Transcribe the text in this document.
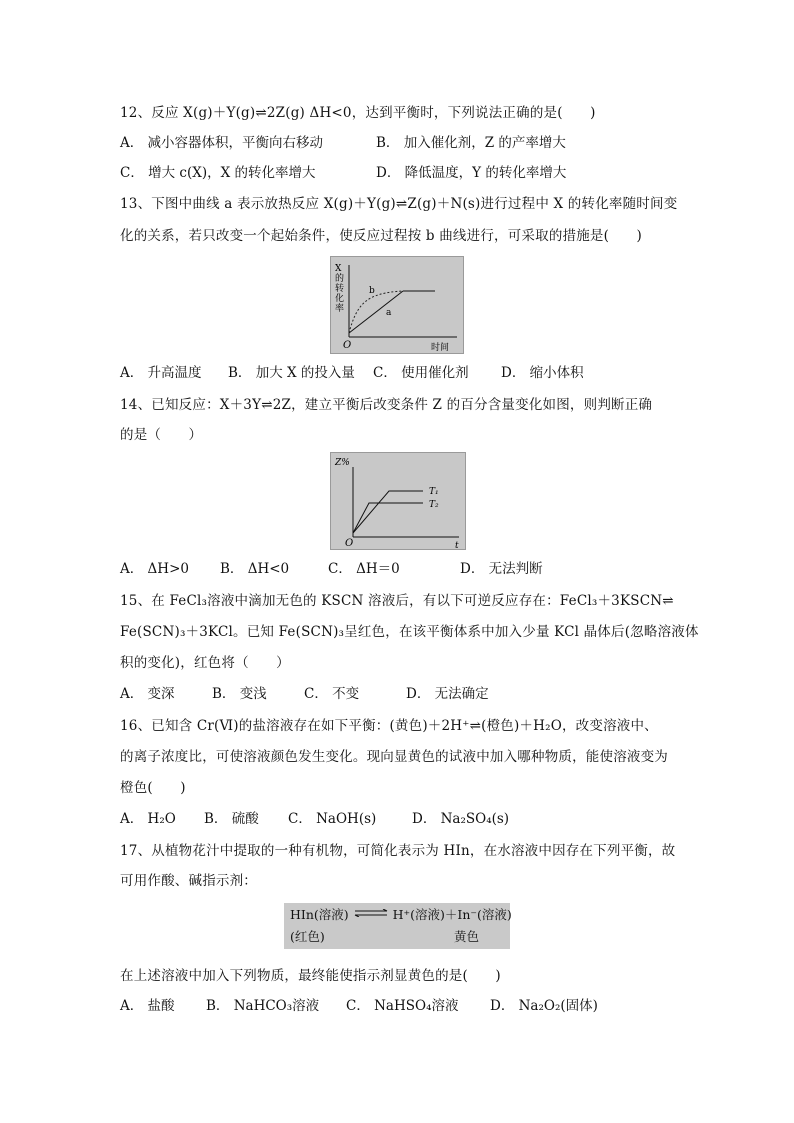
12、反应 X(g)＋Y(g)⇌2Z(g) ΔH<0，达到平衡时，下列说法正确的是(　　)
A． 减小容器体积，平衡向右移动	B． 加入催化剂，Z 的产率增大
C． 增大 c(X)，X 的转化率增大	D． 降低温度，Y 的转化率增大
13、下图中曲线 a 表示放热反应 X(g)＋Y(g)⇌Z(g)＋N(s)进行过程中 X 的转化率随时间变
化的关系，若只改变一个起始条件，使反应过程按 b 曲线进行，可采取的措施是(　　)
X
的
转
化
率
b
a
O	时间
A． 升高温度 B． 加大 X 的投入量 C． 使用催化剂 D． 缩小体积
14、已知反应：X＋3Y⇌2Z，建立平衡后改变条件 Z 的百分含量变化如图，则判断正确
的是（　　）
Z%
T₁
T₂
O	t
A． ΔH>0 B． ΔH<0	C． ΔH＝0	D． 无法判断
15、在 FeCl₃溶液中滴加无色的 KSCN 溶液后，有以下可逆反应存在：FeCl₃＋3KSCN⇌
Fe(SCN)₃＋3KCl。已知 Fe(SCN)₃呈红色，在该平衡体系中加入少量 KCl 晶体后(忽略溶液体
积的变化)，红色将（　　）
A． 变深	B． 变浅	C． 不变	D． 无法确定
16、已知含 Cr(Ⅵ)的盐溶液存在如下平衡：(黄色)＋2H⁺⇌(橙色)＋H₂O，改变溶液中、
的离子浓度比，可使溶液颜色发生变化。现向显黄色的试液中加入哪种物质，能使溶液变为
橙色(　　)
A． H₂O B． 硫酸 C． NaOH(s)	D． Na₂SO₄(s)
17、从植物花汁中提取的一种有机物，可简化表示为 HIn，在水溶液中因存在下列平衡，故
可用作酸、碱指示剂：
HIn(溶液) ⇌ H⁺(溶液)＋In⁻(溶液)
(红色)	黄色
在上述溶液中加入下列物质，最终能使指示剂显黄色的是(　　)
A． 盐酸 B． NaHCO₃溶液 C． NaHSO₄溶液 D． Na₂O₂(固体)
